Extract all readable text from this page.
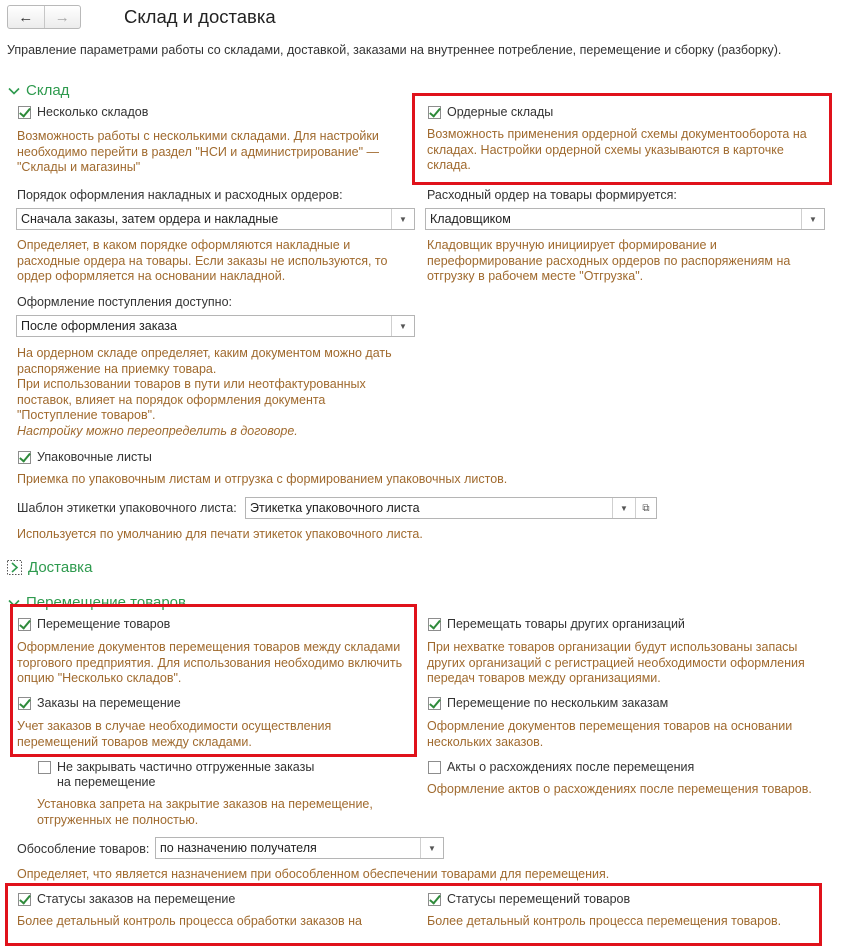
←	→	Склад и доставка
Управление параметрами работы со складами, доставкой, заказами на внутреннее потребление, перемещение и сборку (разборку).
Склад
Несколько складов
Возможность работы с несколькими складами. Для настройки
необходимо перейти в раздел "НСИ и администрирование" —
"Склады и магазины"
Ордерные склады
Возможность применения ордерной схемы документооборота на
складах. Настройки ордерной схемы указываются в карточке
склада.
Порядок оформления накладных и расходных ордеров:
Сначала заказы, затем ордера и накладные	▼
Определяет, в каком порядке оформляются накладные и
расходные ордера на товары. Если заказы не используются, то
ордер оформляется на основании накладной.
Расходный ордер на товары формируется:
Кладовщиком	▼
Кладовщик вручную инициирует формирование и
переформирование расходных ордеров по распоряжениям на
отгрузку в рабочем месте "Отгрузка".
Оформление поступления доступно:
После оформления заказа	▼
На ордерном складе определяет, каким документом можно дать
распоряжение на приемку товара.
При использовании товаров в пути или неотфактурованных
поставок, влияет на порядок оформления документа
"Поступление товаров".
Настройку можно переопределить в договоре.
Упаковочные листы
Приемка по упаковочным листам и отгрузка с формированием упаковочных листов.
Шаблон этикетки упаковочного листа:	Этикетка упаковочного листа	▼	⧉
Используется по умолчанию для печати этикеток упаковочного листа.
Доставка
Перемещение товаров
Перемещение товаров
Оформление документов перемещения товаров между складами
торгового предприятия. Для использования необходимо включить
опцию "Несколько складов".
Заказы на перемещение
Учет заказов в случае необходимости осуществления
перемещений товаров между складами.
Не закрывать частично отгруженные заказы
на перемещение
Установка запрета на закрытие заказов на перемещение,
отгруженных не полностью.
Перемещать товары других организаций
При нехватке товаров организации будут использованы запасы
других организаций с регистрацией необходимости оформления
передач товаров между организациями.
Перемещение по нескольким заказам
Оформление документов перемещения товаров на основании
нескольких заказов.
Акты о расхождениях после перемещения
Оформление актов о расхождениях после перемещения товаров.
Обособление товаров: по назначению получателя	▼
Определяет, что является назначением при обособленном обеспечении товарами для перемещения.
Статусы заказов на перемещение
Более детальный контроль процесса обработки заказов на
Статусы перемещений товаров
Более детальный контроль процесса перемещения товаров.
